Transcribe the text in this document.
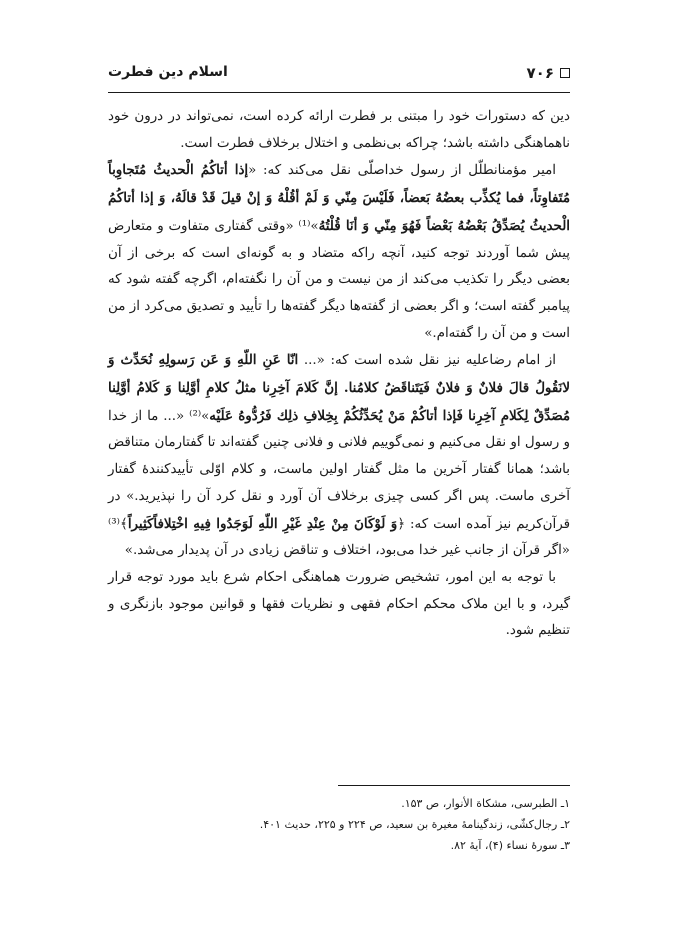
۷۰۶
اسلام دین فطرت

دین که دستورات خود را مبتنی بر فطرت ارائه کرده است، نمی‌تواند در درون خود ناهماهنگی داشته باشد؛ چراکه بی‌نظمی و اختلال برخلاف فطرت است.

امیر مؤمنانطلّل از رسول خداصلّى نقل می‌کند که: «إذا أتاكُمُ الْحديثُ مُتَجاوِباً مُتَفاوِتاً، فما يُكذِّب بعضُهُ بَعضاً، فَلَيْسَ مِنّي وَ لَمْ أقُلْهُ وَ إنْ قيلَ قَدْ قالَهُ، وَ إذا أتاكُمُ الْحديثُ يُصَدِّقُ بَعْضُهُ بَعْضاً فَهُوَ مِنّي وَ أنَا قُلْتُهُ»⁽¹⁾ «وقتی گفتاری متفاوت و متعارض پیش شما آوردند توجه کنید، آنچه راکه متضاد و به گونه‌ای است که برخی از آن بعضی دیگر را تکذیب می‌کند از من نیست و من آن را نگفته‌ام، اگرچه گفته شود که پیامبر گفته است؛ و اگر بعضی از گفته‌ها دیگر گفته‌ها را تأیید و تصدیق می‌کرد از من است و من آن را گفته‌ام.»

از امام رضاعليه نیز نقل شده است که: «... انّا عَنِ اللّهِ وَ عَن رَسولِهِ نُحَدِّث وَ لانَقُولُ قالَ فلانٌ وَ فلانٌ فَيَتَناقَضُ كلامُنا. إنَّ كَلامَ آخِرِنا مثلُ كلامِ أوَّلِنا وَ كَلامُ أوَّلِنا مُصَدِّقٌ لِكَلامِ آخِرِنا فَإذا أتاكُمْ مَنْ يُحَدِّثُكُمْ بِخِلافِ ذلِك فَرُدُّوهُ عَلَيْه»⁽²⁾ «... ما از خدا و رسول او نقل می‌کنیم و نمی‌گوییم فلانی و فلانی چنین گفته‌اند تا گفتارمان متناقض باشد؛ همانا گفتار آخرین ما مثل گفتار اولین ماست، و کلام اوّلی تأییدکنندهٔ گفتار آخری ماست. پس اگر کسی چیزی برخلاف آن آورد و نقل کرد آن را نپذیرید.» در قرآن‌کریم نیز آمده است که: ﴿وَ لَوْكَانَ مِنْ عِنْدِ غَيْرِ اللّهِ لَوَجَدُوا فِيهِ اخْتِلافاًكَثِيراً﴾⁽³⁾ «اگر قرآن از جانب غیر خدا می‌بود، اختلاف و تناقض زیادی در آن پدیدار می‌شد.»

با توجه به این امور، تشخیص ضرورت هماهنگی احکام شرع باید مورد توجه قرار گیرد، و با این ملاک محکم احکام فقهی و نظریات فقها و قوانین موجود بازنگری و تنظیم شود.

۱ـ الطبرسی، مشکاة الأنوار، ص ۱۵۳.
۲ـ رجال‌کشّی، زندگینامهٔ مغیرة بن سعید، ص ۲۲۴ و ۲۲۵، حدیث ۴۰۱.
۳ـ سورهٔ نساء (۴)، آیهٔ ۸۲.
